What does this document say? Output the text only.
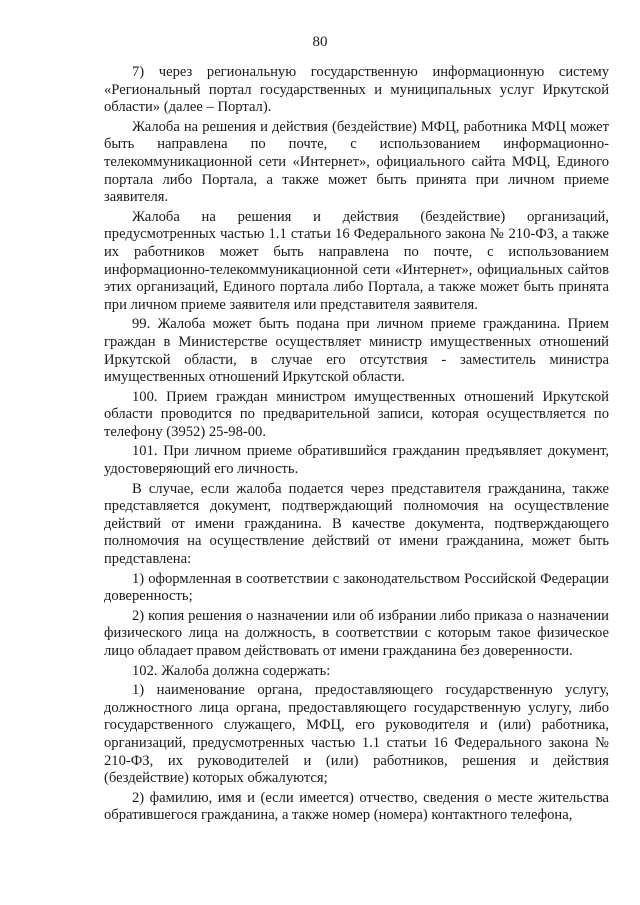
80

7) через региональную государственную информационную систему «Региональный портал государственных и муниципальных услуг Иркутской области» (далее – Портал).

Жалоба на решения и действия (бездействие) МФЦ, работника МФЦ может быть направлена по почте, с использованием информационно-телекоммуникационной сети «Интернет», официального сайта МФЦ, Единого портала либо Портала, а также может быть принята при личном приеме заявителя.

Жалоба на решения и действия (бездействие) организаций, предусмотренных частью 1.1 статьи 16 Федерального закона № 210-ФЗ, а также их работников может быть направлена по почте, с использованием информационно-телекоммуникационной сети «Интернет», официальных сайтов этих организаций, Единого портала либо Портала, а также может быть принята при личном приеме заявителя или представителя заявителя.

99. Жалоба может быть подана при личном приеме гражданина. Прием граждан в Министерстве осуществляет министр имущественных отношений Иркутской области, в случае его отсутствия - заместитель министра имущественных отношений Иркутской области.

100. Прием граждан министром имущественных отношений Иркутской области проводится по предварительной записи, которая осуществляется по телефону (3952) 25-98-00.

101. При личном приеме обратившийся гражданин предъявляет документ, удостоверяющий его личность.

В случае, если жалоба подается через представителя гражданина, также представляется документ, подтверждающий полномочия на осуществление действий от имени гражданина. В качестве документа, подтверждающего полномочия на осуществление действий от имени гражданина, может быть представлена:

1) оформленная в соответствии с законодательством Российской Федерации доверенность;

2) копия решения о назначении или об избрании либо приказа о назначении физического лица на должность, в соответствии с которым такое физическое лицо обладает правом действовать от имени гражданина без доверенности.

102. Жалоба должна содержать:

1) наименование органа, предоставляющего государственную услугу, должностного лица органа, предоставляющего государственную услугу, либо государственного служащего, МФЦ, его руководителя и (или) работника, организаций, предусмотренных частью 1.1 статьи 16 Федерального закона № 210-ФЗ, их руководителей и (или) работников, решения и действия (бездействие) которых обжалуются;

2) фамилию, имя и (если имеется) отчество, сведения о месте жительства обратившегося гражданина, а также номер (номера) контактного телефона,
